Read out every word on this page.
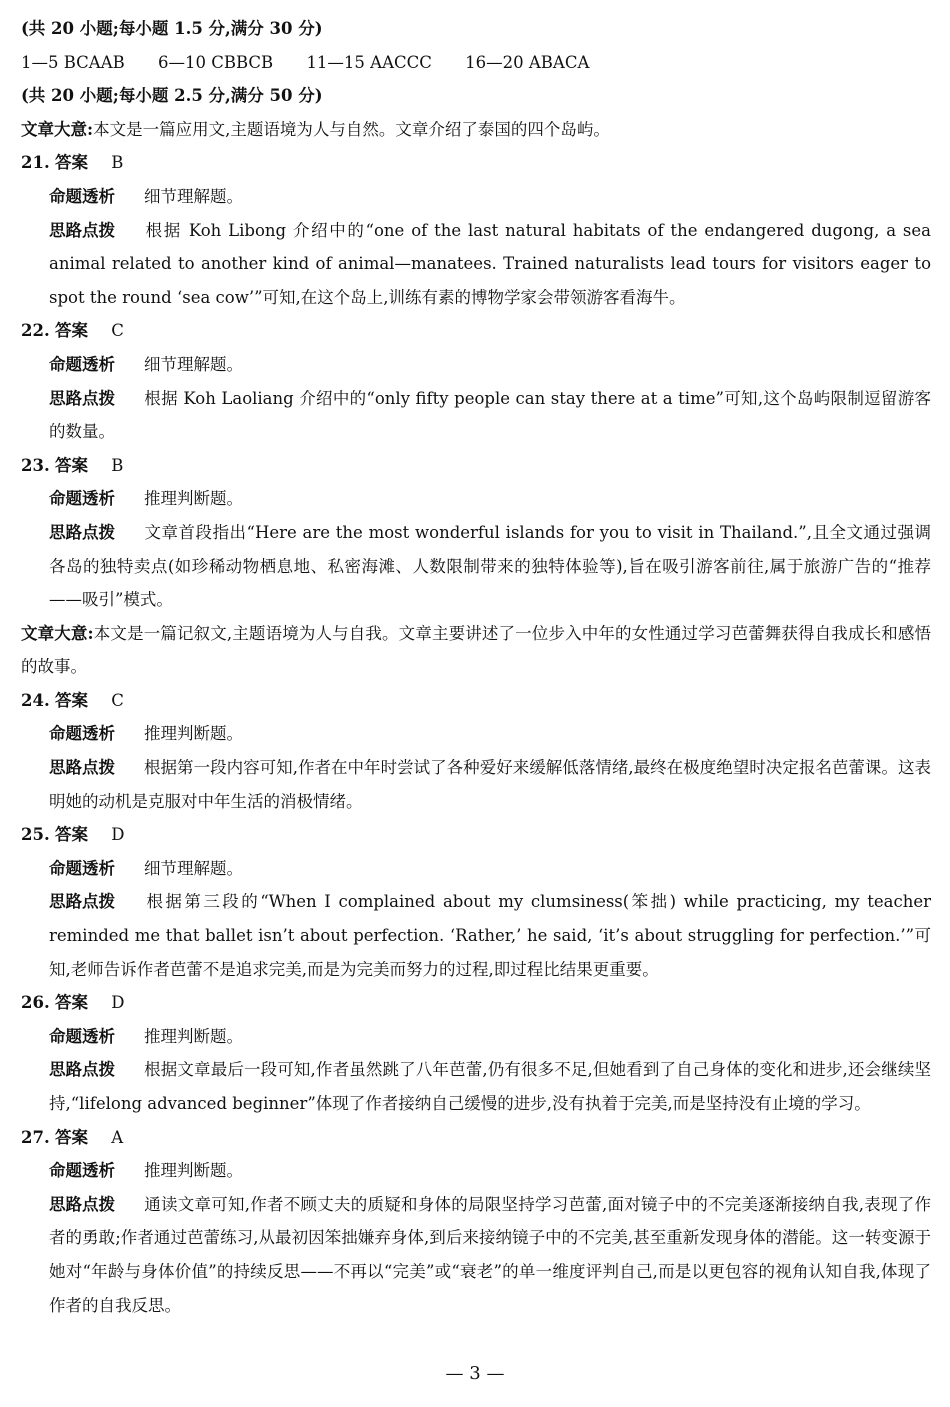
(共 20 小题;每小题 1.5 分,满分 30 分)
1—5 BCAAB 6—10 CBBCB 11—15 AACCC 16—20 ABACA
(共 20 小题;每小题 2.5 分,满分 50 分)
文章大意:本文是一篇应用文,主题语境为人与自然。文章介绍了泰国的四个岛屿。
21. 答案 B
命题透析 细节理解题。
思路点拨 根据 Koh Libong 介绍中的“one of the last natural habitats of the endangered dugong, a sea animal related to another kind of animal—manatees. Trained naturalists lead tours for visitors eager to spot the round ‘sea cow’”可知,在这个岛上,训练有素的博物学家会带领游客看海牛。
22. 答案 C
命题透析 细节理解题。
思路点拨 根据 Koh Laoliang 介绍中的“only fifty people can stay there at a time”可知,这个岛屿限制逗留游客的数量。
23. 答案 B
命题透析 推理判断题。
思路点拨 文章首段指出“Here are the most wonderful islands for you to visit in Thailand.”,且全文通过强调各岛的独特卖点(如珍稀动物栖息地、私密海滩、人数限制带来的独特体验等),旨在吸引游客前往,属于旅游广告的“推荐——吸引”模式。
文章大意:本文是一篇记叙文,主题语境为人与自我。文章主要讲述了一位步入中年的女性通过学习芭蕾舞获得自我成长和感悟的故事。
24. 答案 C
命题透析 推理判断题。
思路点拨 根据第一段内容可知,作者在中年时尝试了各种爱好来缓解低落情绪,最终在极度绝望时决定报名芭蕾课。这表明她的动机是克服对中年生活的消极情绪。
25. 答案 D
命题透析 细节理解题。
思路点拨 根据第三段的“When I complained about my clumsiness(笨拙) while practicing, my teacher reminded me that ballet isn’t about perfection. ‘Rather,’ he said, ‘it’s about struggling for perfection.’”可知,老师告诉作者芭蕾不是追求完美,而是为完美而努力的过程,即过程比结果更重要。
26. 答案 D
命题透析 推理判断题。
思路点拨 根据文章最后一段可知,作者虽然跳了八年芭蕾,仍有很多不足,但她看到了自己身体的变化和进步,还会继续坚持,“lifelong advanced beginner”体现了作者接纳自己缓慢的进步,没有执着于完美,而是坚持没有止境的学习。
27. 答案 A
命题透析 推理判断题。
思路点拨 通读文章可知,作者不顾丈夫的质疑和身体的局限坚持学习芭蕾,面对镜子中的不完美逐渐接纳自我,表现了作者的勇敢;作者通过芭蕾练习,从最初因笨拙嫌弃身体,到后来接纳镜子中的不完美,甚至重新发现身体的潜能。这一转变源于她对“年龄与身体价值”的持续反思——不再以“完美”或“衰老”的单一维度评判自己,而是以更包容的视角认知自我,体现了作者的自我反思。
— 3 —
